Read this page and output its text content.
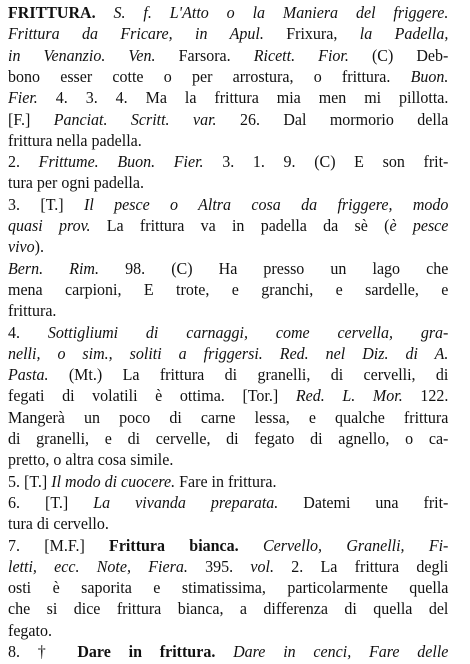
FRITTURA. S. f. L'Atto o la Maniera del friggere.
Frittura da Fricare, in Apul. Frixura, la Padella,
in Venanzio. Ven. Farsora. Ricett. Fior. (C) Deb-
bono esser cotte o per arrostura, o frittura. Buon.
Fier. 4. 3. 4. Ma la frittura mia men mi pillotta.
[F.] Panciat. Scritt. var. 26. Dal mormorio della
frittura nella padella.
2. Frittume. Buon. Fier. 3. 1. 9. (C) E son frit-
tura per ogni padella.
3. [T.] Il pesce o Altra cosa da friggere, modo
quasi prov. La frittura va in padella da sè (è pesce
vivo).
Bern. Rim. 98. (C) Ha presso un lago che
mena carpioni, E trote, e granchi, e sardelle, e
frittura.
4. Sottigliumi di carnaggi, come cervella, gra-
nelli, o sim., soliti a friggersi. Red. nel Diz. di A.
Pasta. (Mt.) La frittura di granelli, di cervelli, di
fegati di volatili è ottima. [Tor.] Red. L. Mor. 122.
Mangerà un poco di carne lessa, e qualche frittura
di granelli, e di cervelle, di fegato di agnello, o ca-
pretto, o altra cosa simile.
5. [T.] Il modo di cuocere. Fare in frittura.
6. [T.] La vivanda preparata. Datemi una frit-
tura di cervello.
7. [M.F.] Frittura bianca. Cervello, Granelli, Fi-
letti, ecc. Note, Fiera. 395. vol. 2. La frittura degli
osti è saporita e stimatissima, particolarmente quella
che si dice frittura bianca, a differenza di quella del
fegato.
8. † Dare in frittura. Dare in cenci, Fare delle
